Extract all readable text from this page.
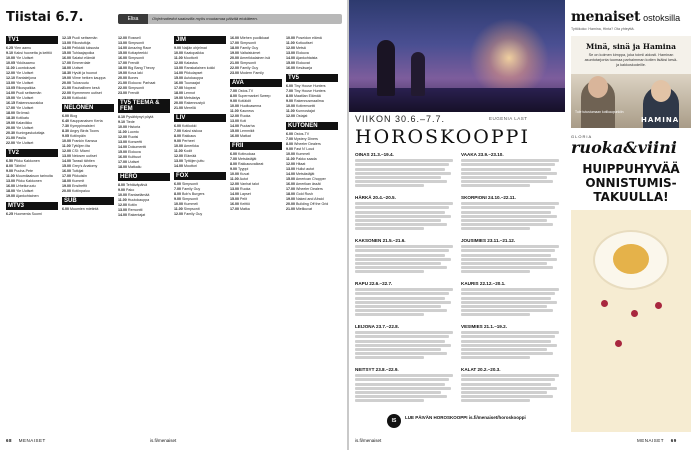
Tiistai 6.7.	Elisa	Ohjelmatiedot saatavilla myös muutamaa päivää etukäteen.
TV1
6.25 Ylen aamu
9.10 Kaksi huonetta ja keittiö
10.00 Yle Uutiset
10.05 Ykkösaamu
11.00 Luontokuvat
12.00 Yle Uutiset
12.10 Rantaleijona
13.00 Yle Uutiset
13.05 Rikospaikka
14.00 Puoli seitsemän
15.00 Yle Uutiset
16.15 Rakennusurakka
17.00 Yle Uutiset
18.00 Strömsö
18.30 Kotikatu
19.00 Kalaviikko
20.00 Yle Uutiset
20.30 Kuningaskuluttaja
21.00 Pasila
22.00 Yle Uutiset
TV2
6.50 Pikku Kakkonen
8.00 Tähtiin!
9.00 Puuha-Pete
11.00 Muumilaakson tarinoita
13.00 Pikku Kakkonen
16.00 Urheiluruutu
18.00 Yle Uutiset
19.00 Ajankohtainen
MTV3
6.25 Huomenta Suomi
12.15 Puoli seitsemän
13.00 Rikostutkija
14.00 Pelkkää luksusta
15.00 Tuhlaajapoika
16.00 Salatut elämät
17.00 Emmerdale
18.00 Uutiset
18.30 Hyvät ja huonot
19.00 Viime hetken kauppa
20.00 Tulosruutu
21.00 Rauhallinen kesä
22.00 Kymmenen uutiset
23.00 Kotikokki
NELONEN
6.00 Blog
6.40 Kauppanaisen Kerta
7.30 Kymppimaisteri
8.30 Angry Birds Toons
9.05 Kotiinpäin
10.00 Frankin Kanssa
11.00 Tyttöjen ilta
12.00 CSI: Miami
13.00 Nelosen uutiset
14.00 Tanssii tähtien
15.00 Grey's Anatomy
16.00 Tutkijat
17.00 Pikkuisiin
18.00 Kummit
19.00 Ensitreffit
20.00 Kotiinpaluu
SUB
6.00 Muumien mietintä
12.00 Roswell
13.00 Simpsonit
14.00 Amazing Race
15.00 Kotiapteekki
16.00 Simpsonit
17.00 Frendit
18.00 Big Bang Theory
19.00 Kova laki
20.00 Bones
21.00 Elokuva: Parhaat
22.00 Simpsonit
23.00 Frendit
TV5 TEEMA & FEM
8.10 Pysähtynyt pöytä
9.10 Tiede
10.00 Historia
11.00 Luonto
12.00 Ruotsi
13.00 Konsertti
14.00 Dokumentti
15.00 Elokuva
16.00 Kulttuuri
17.00 Uutiset
18.00 Matkailu
HERO
8.00 Tehtäväpäivä
9.00 Pako
10.00 Rantaelämää
11.00 Huutokauppa
12.00 Kotiin
13.00 Remontti
14.00 Rakentajat
JIM
9.00 Naljän ohjelmat
10.00 Kaatopaikka
11.00 Moottorit
12.00 Kalastus
13.00 Ranskalainen kokki
14.00 Pikkulapset
15.00 Autokauppa
16.00 Tuunaajat
17.00 Nopeat
18.00 Lennot
19.00 Metsästys
20.00 Rakennustyö
21.00 Merellä
LIV
6.00 Kotikokki
7.00 Kaksi siskoa
8.00 Rakkaus
9.00 Perheet
10.00 Amerikka
11.00 Kodit
12.00 Elämää
13.00 Tyttöjen juttu
14.00 Moottori
FOX
6.00 Simpsonit
7.00 Family Guy
8.00 Bob's Burgers
9.00 Simpsonit
10.00 Kummeli
11.00 Simpsonit
12.00 Family Guy
16.00 Miehen puolikkaat
17.00 Simpsonit
18.00 Family Guy
19.00 Valtaistuimet
20.00 Amerikkalainen isä
21.00 Simpsonit
22.00 Family Guy
23.00 Modern Family
AVA
7.00 Ostos-TV
8.00 Supermarket Sweep
9.00 Kotiäidit
10.00 Huoltoasema
11.00 Kauneus
12.00 Ruoka
13.00 Koti
14.00 Puutarha
15.00 Lemmikit
16.00 Matkat
FRII
6.00 Kotiruokaa
7.00 Metsästäjät
8.00 Rakkausvalkeat
9.00 Tyyppi
10.00 Kuvat
11.00 Autot
12.00 Vanhat talot
13.00 Ruoka
14.00 Lapset
15.00 Pelit
16.00 Keittiö
17.00 Matka
10.00 Poseidon elämä
11.00 Kotiuutiset
12.00 Metsä
13.00 Elokuva
14.00 Ajankohtaista
15.00 Elokuvat
16.00 Kesäsarja
TV5
6.00 Tiny House Hunters
7.00 Tiny House Hunters
8.00 Maatilan Elämää
9.00 Rakennusmaailma
10.00 Kotiremontti
11.00 Kunnostajat
12.00 Ostajat
KUTONEN
6.00 Ostos-TV
7.00 Mystery Diners
8.00 Wheeler Dealers
9.00 Fast N' Loud
10.00 Kummeli
11.00 Pakko saada
12.00 Hitaat
13.00 Hullut autot
14.00 Metsästäjät
15.00 American Chopper
16.00 Amerikan ässät
17.00 Wheeler Dealers
18.00 Gold Rush
19.00 Naked and Afraid
20.00 Building Off the Grid
21.00 Mielikuvat
68 MENAISET	is.fi/menaiset
VIIKON 30.6.–7.7.	EUGENIA LAST
HOROSKOOPPI
OINAS 21.3.–19.4.
HÄRKÄ 20.4.–20.5.
KAKSONEN 21.5.–21.6.
RAPU 22.6.–22.7.
LEIJONA 23.7.–22.8.
NEITSYT 23.8.–22.9.
VAAKA 23.9.–23.10.
SKORPIONI 24.10.–22.11.
JOUSIMIES 23.11.–21.12.
KAURIS 22.12.–20.1.
VESIMIES 21.1.–19.2.
KALAT 20.2.–20.3.
IS
LUE PÄIVÄN HOROSKOOPPI is.fi/menaiset/horoskooppi
menaiset ostoksilla
Tyttökoko: Hamina, Hinta? Ota yhteyttä.
Minä, sinä ja Hamina
Se on kolmen kimppa, joka toimii aidosti. Haminan asuntotarjonta tuomaa parhaimman kotien lisäksi kesä- ja kakkoskodeille.
Tule tutustumaan kotikaupunkiin
HAMINA
GLORIA
ruoka&viini
HUIPPUHYVÄÄ ONNISTUMIS-TAKUULLA!
is.fi/menaiset	MENAISET 69
